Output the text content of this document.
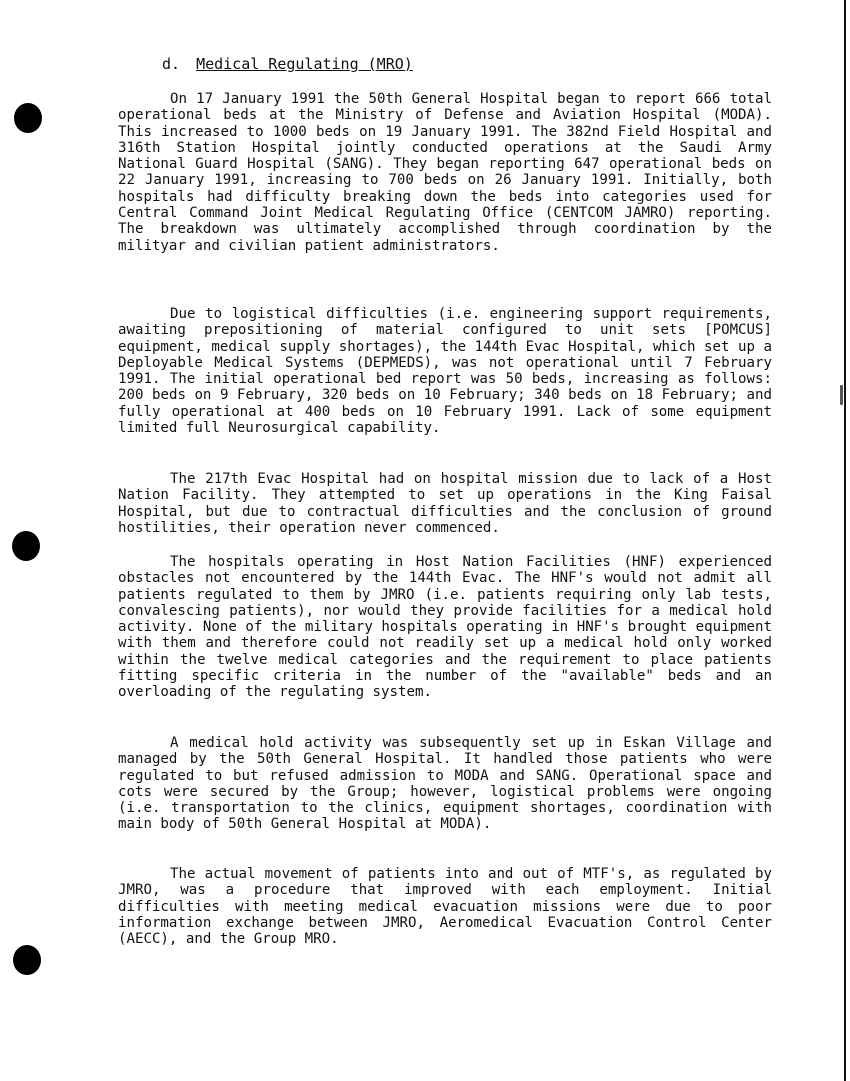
d. Medical Regulating (MRO)

On 17 January 1991 the 50th General Hospital began to report 666 total operational beds at the Ministry of Defense and Aviation Hospital (MODA). This increased to 1000 beds on 19 January 1991. The 382nd Field Hospital and 316th Station Hospital jointly conducted operations at the Saudi Army National Guard Hospital (SANG). They began reporting 647 operational beds on 22 January 1991, increasing to 700 beds on 26 January 1991. Initially, both hospitals had difficulty breaking down the beds into categories used for Central Command Joint Medical Regulating Office (CENTCOM JAMRO) reporting. The breakdown was ultimately accomplished through coordination by the milityar and civilian patient administrators.

Due to logistical difficulties (i.e. engineering support requirements, awaiting prepositioning of material configured to unit sets [POMCUS] equipment, medical supply shortages), the 144th Evac Hospital, which set up a Deployable Medical Systems (DEPMEDS), was not operational until 7 February 1991. The initial operational bed report was 50 beds, increasing as follows: 200 beds on 9 February, 320 beds on 10 February; 340 beds on 18 February; and fully operational at 400 beds on 10 February 1991. Lack of some equipment limited full Neurosurgical capability.

The 217th Evac Hospital had on hospital mission due to lack of a Host Nation Facility. They attempted to set up operations in the King Faisal Hospital, but due to contractual difficulties and the conclusion of ground hostilities, their operation never commenced.

The hospitals operating in Host Nation Facilities (HNF) experienced obstacles not encountered by the 144th Evac. The HNF's would not admit all patients regulated to them by JMRO (i.e. patients requiring only lab tests, convalescing patients), nor would they provide facilities for a medical hold activity. None of the military hospitals operating in HNF's brought equipment with them and therefore could not readily set up a medical hold only worked within the twelve medical categories and the requirement to place patients fitting specific criteria in the number of the "available" beds and an overloading of the regulating system.

A medical hold activity was subsequently set up in Eskan Village and managed by the 50th General Hospital. It handled those patients who were regulated to but refused admission to MODA and SANG. Operational space and cots were secured by the Group; however, logistical problems were ongoing (i.e. transportation to the clinics, equipment shortages, coordination with main body of 50th General Hospital at MODA).

The actual movement of patients into and out of MTF's, as regulated by JMRO, was a procedure that improved with each employment. Initial difficulties with meeting medical evacuation missions were due to poor information exchange between JMRO, Aeromedical Evacuation Control Center (AECC), and the Group MRO.
